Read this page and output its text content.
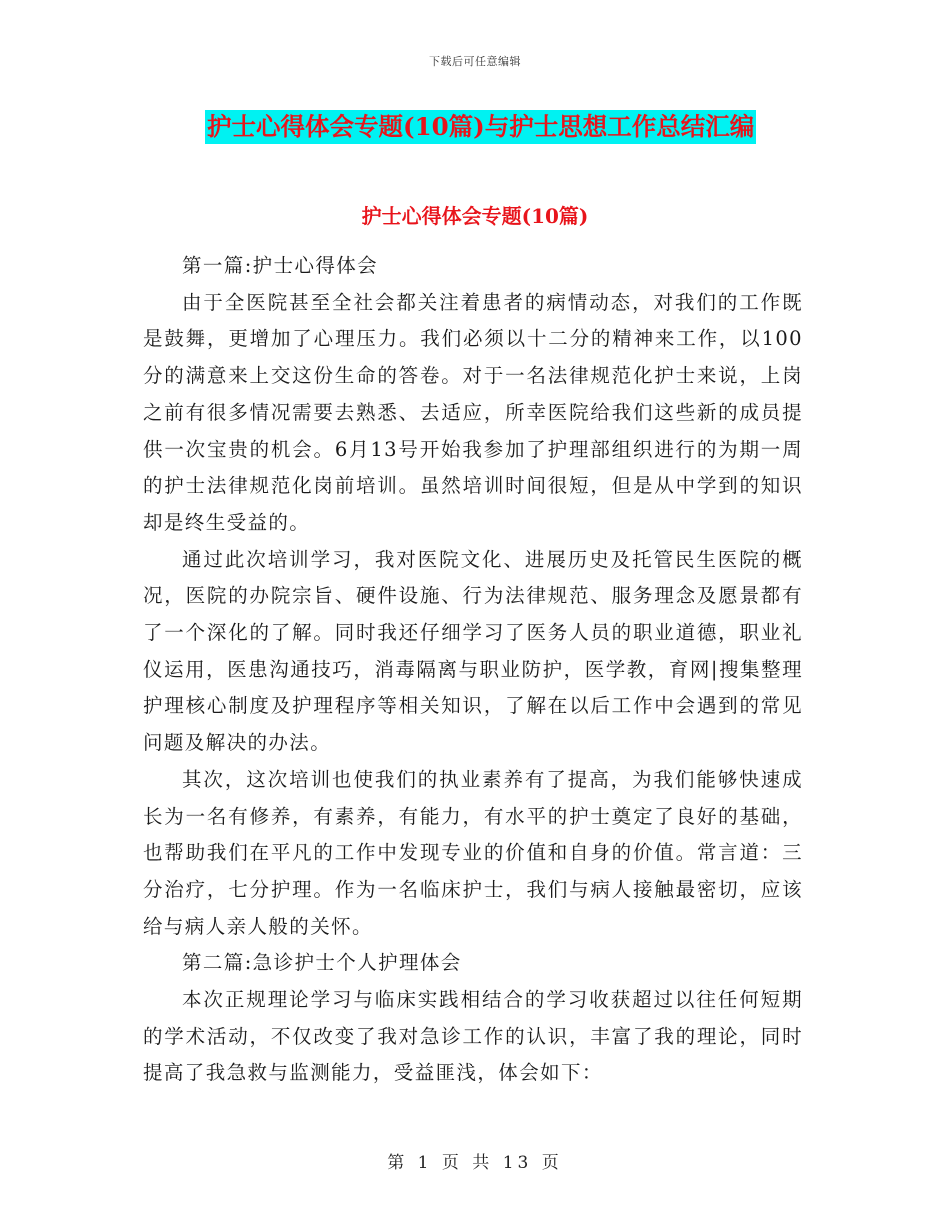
下载后可任意编辑
护士心得体会专题(10篇)与护士思想工作总结汇编
护士心得体会专题(10篇)

第一篇:护士心得体会

由于全医院甚至全社会都关注着患者的病情动态，对我们的工作既是鼓舞，更增加了心理压力。我们必须以十二分的精神来工作，以100分的满意来上交这份生命的答卷。对于一名法律规范化护士来说，上岗之前有很多情况需要去熟悉、去适应，所幸医院给我们这些新的成员提供一次宝贵的机会。6月13号开始我参加了护理部组织进行的为期一周的护士法律规范化岗前培训。虽然培训时间很短，但是从中学到的知识却是终生受益的。

通过此次培训学习，我对医院文化、进展历史及托管民生医院的概况，医院的办院宗旨、硬件设施、行为法律规范、服务理念及愿景都有了一个深化的了解。同时我还仔细学习了医务人员的职业道德，职业礼仪运用，医患沟通技巧，消毒隔离与职业防护，医学教，育网|搜集整理护理核心制度及护理程序等相关知识，了解在以后工作中会遇到的常见问题及解决的办法。

其次，这次培训也使我们的执业素养有了提高，为我们能够快速成长为一名有修养，有素养，有能力，有水平的护士奠定了良好的基础，也帮助我们在平凡的工作中发现专业的价值和自身的价值。常言道：三分治疗，七分护理。作为一名临床护士，我们与病人接触最密切，应该给与病人亲人般的关怀。

第二篇:急诊护士个人护理体会

本次正规理论学习与临床实践相结合的学习收获超过以往任何短期的学术活动，不仅改变了我对急诊工作的认识，丰富了我的理论，同时提高了我急救与监测能力，受益匪浅，体会如下：

第 1 页 共 13 页
